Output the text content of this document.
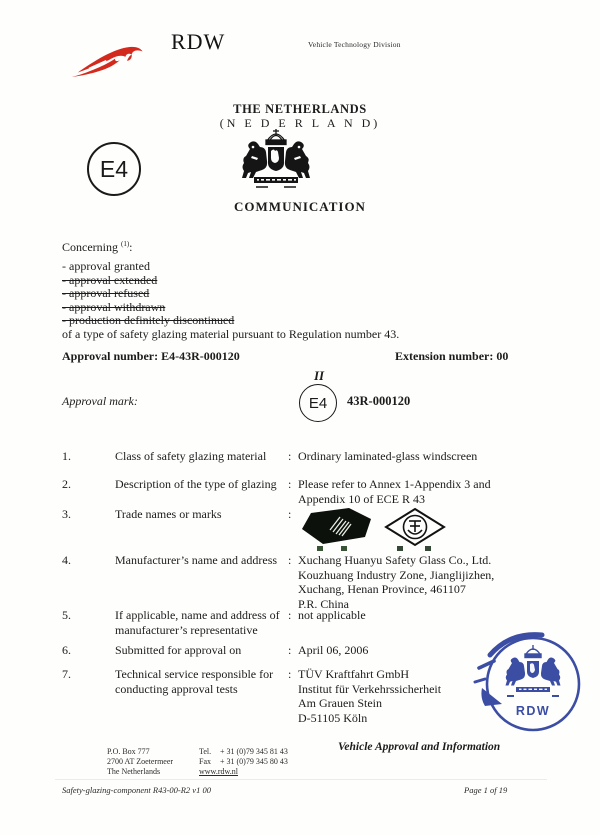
RDW	Vehicle Technology Division
THE NETHERLANDS
(N E D E R L A N D)
E4
COMMUNICATION
Concerning $^{(1)}$:
- approval granted
- approval extended
- approval refused
- approval withdrawn
- production definitely discontinued
of a type of safety glazing material pursuant to Regulation number 43.
Approval number: E4-43R-000120	Extension number: 00
Approval mark:
II
E4 43R-000120
1.	Class of safety glazing material	: Ordinary laminated-glass windscreen
2.	Description of the type of glazing : Please refer to Annex 1-Appendix 3 and
Appendix 10 of ECE R 43
3.	Trade names or marks	:
4.	Manufacturer’s name and address : Xuchang Huanyu Safety Glass Co., Ltd.
Kouzhuang Industry Zone, Jianglijizhen,
Xuchang, Henan Province, 461107
P.R. China
5.	If applicable, name and address of
manufacturer’s representative
: not applicable
6.	Submitted for approval on	: April 06, 2006
7.	Technical service responsible for
conducting approval tests
: TÜV Kraftfahrt GmbH
Institut für Verkehrssicherheit
Am Grauen Stein
D-51105 Köln	RDW
Vehicle Approval and Information
P.O. Box 777
2700 AT Zoetermeer
The Netherlands
Tel. + 31 (0)79 345 81 43
Fax + 31 (0)79 345 80 43
www.rdw.nl
Safety-glazing-component R43-00-R2 v1 00	Page 1 of 19
